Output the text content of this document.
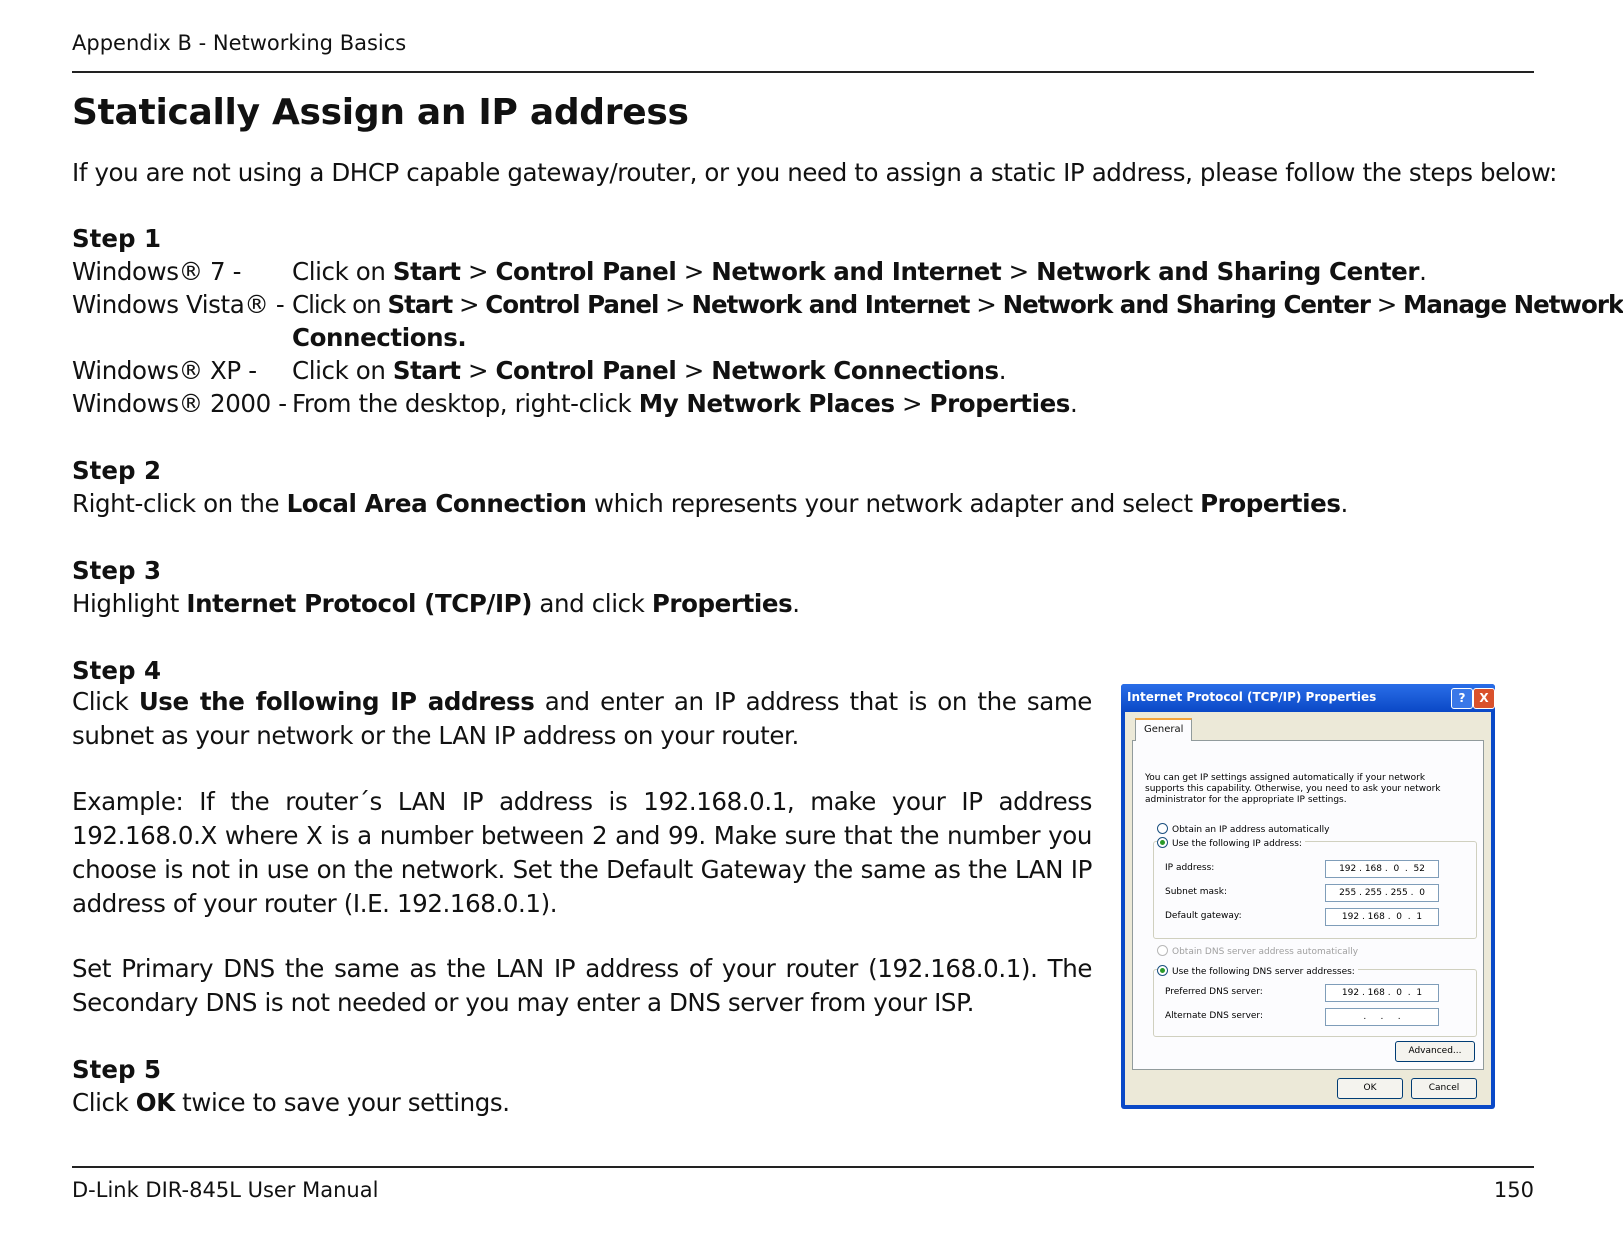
Appendix B - Networking Basics
Statically Assign an IP address
If you are not using a DHCP capable gateway/router, or you need to assign a static IP address, please follow the steps below:
Step 1
Windows® 7 - Click on Start > Control Panel > Network and Internet > Network and Sharing Center.
Windows Vista® - Click on Start > Control Panel > Network and Internet > Network and Sharing Center > Manage Network
Connections.
Windows® XP - Click on Start > Control Panel > Network Connections.
Windows® 2000 - From the desktop, right-click My Network Places > Properties.
Step 2
Right-click on the Local Area Connection which represents your network adapter and select Properties.
Step 3
Highlight Internet Protocol (TCP/IP) and click Properties.
Step 4
Click Use the following IP address and enter an IP address that is on the same subnet as your network or the LAN IP address on your router.
Example: If the router´s LAN IP address is 192.168.0.1, make your IP address 192.168.0.X where X is a number between 2 and 99. Make sure that the number you choose is not in use on the network. Set the Default Gateway the same as the LAN IP address of your router (I.E. 192.168.0.1).
Set Primary DNS the same as the LAN IP address of your router (192.168.0.1). The Secondary DNS is not needed or you may enter a DNS server from your ISP.
Step 5
Click OK twice to save your settings.
Internet Protocol (TCP/IP) Properties	?	X
General
You can get IP settings assigned automatically if your network supports this capability. Otherwise, you need to ask your network administrator for the appropriate IP settings.
Obtain an IP address automatically
Use the following IP address:
IP address:	192 . 168 .  0  .  52
Subnet mask:	255 . 255 . 255 .  0
Default gateway:	192 . 168 .  0  .  1
Obtain DNS server address automatically
Use the following DNS server addresses:
Preferred DNS server:	192 . 168 .  0  .  1
Alternate DNS server:	.     .     .
Advanced...
OK	Cancel
D-Link DIR-845L User Manual	150
